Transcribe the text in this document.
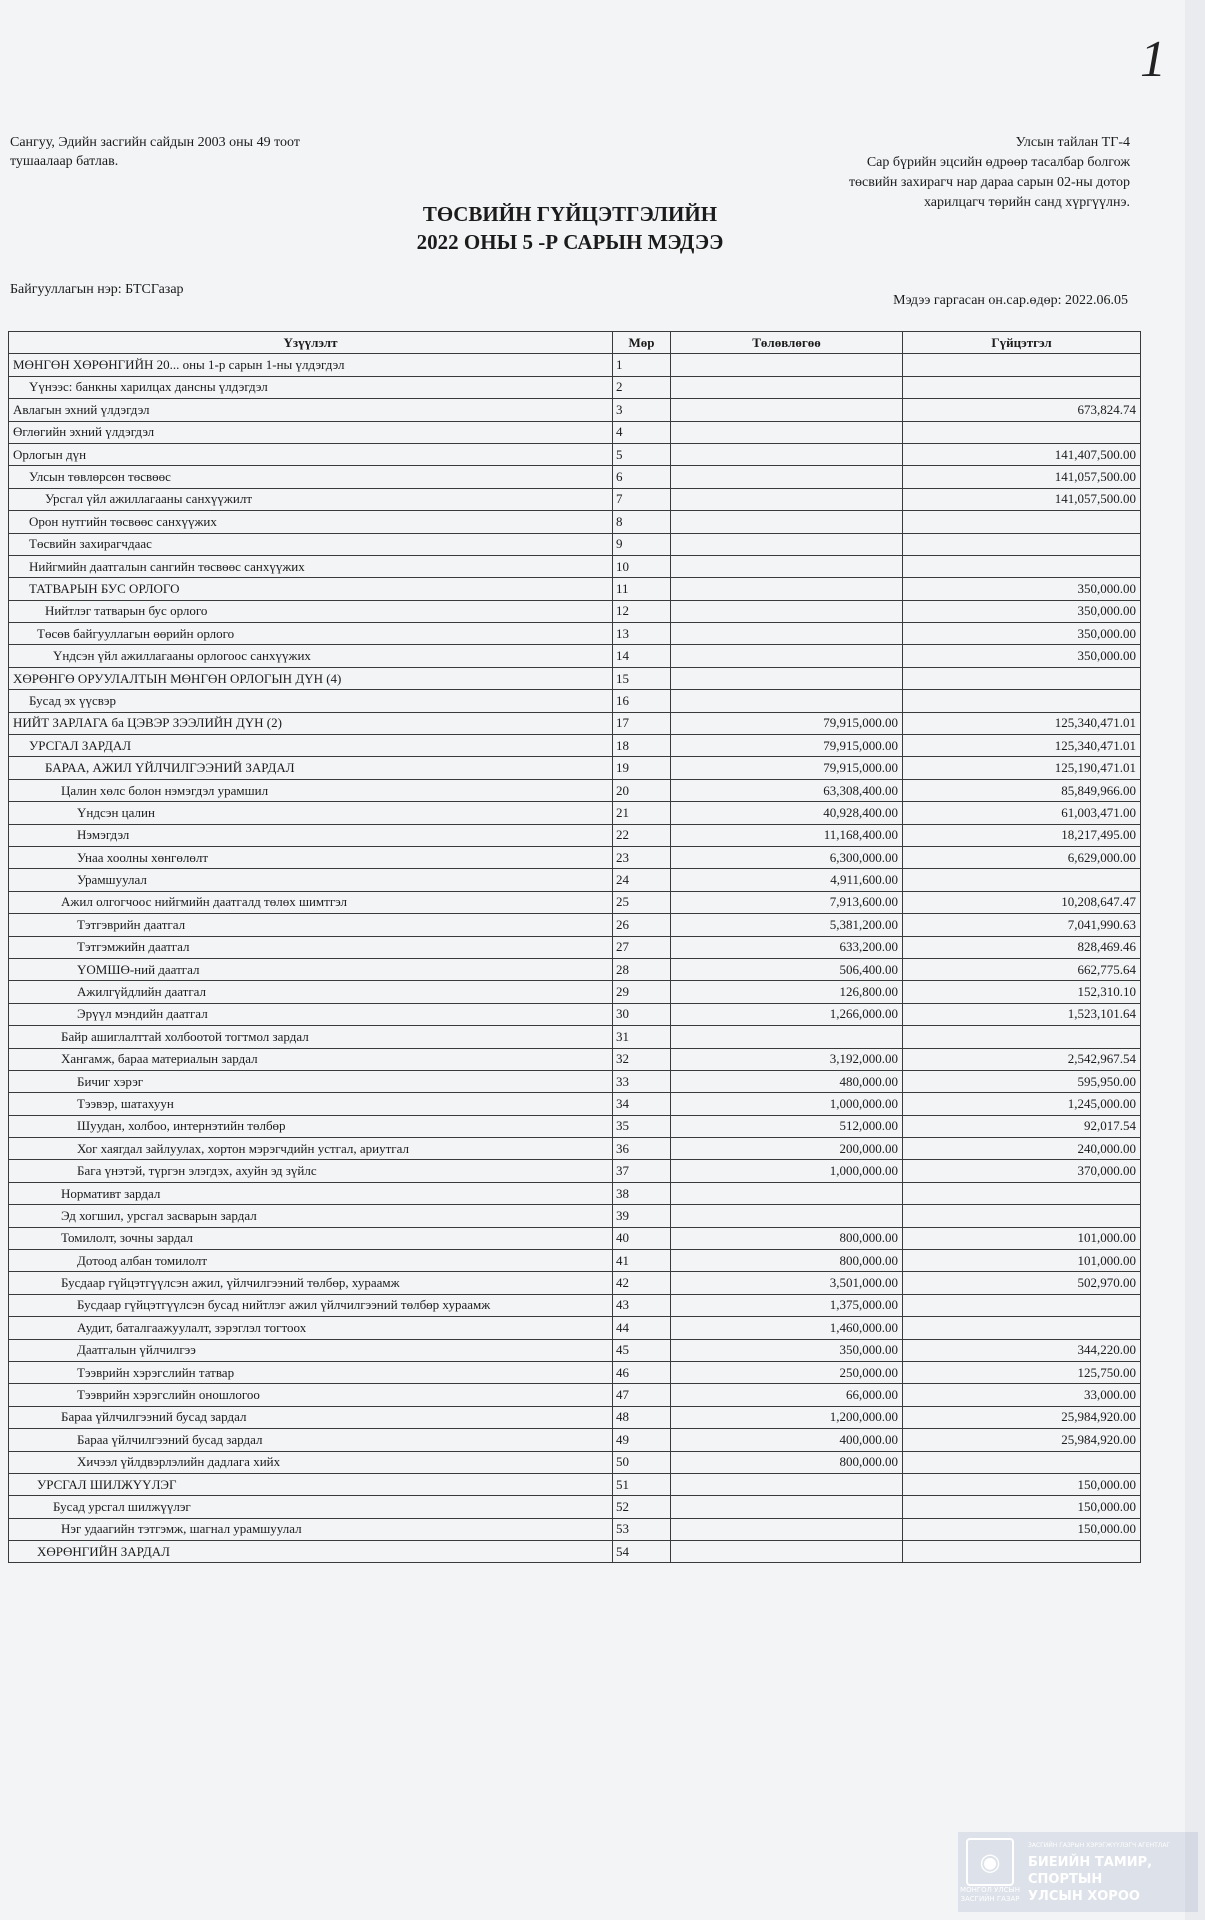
1
Сангуу, Эдийн засгийн сайдын 2003 оны 49 тоот
тушаалаар батлав.
Улсын тайлан ТГ-4
Сар бүрийн эцсийн өдрөөр тасалбар болгож
төсвийн захирагч нар дараа сарын 02-ны дотор
харилцагч төрийн санд хүргүүлнэ.
ТӨСВИЙН ГҮЙЦЭТГЭЛИЙН
2022 ОНЫ 5 -Р САРЫН МЭДЭЭ
Байгууллагын нэр: БТСГазар
Мэдээ гаргасан он.сар.өдөр: 2022.06.05
Үзүүлэлт	Мөр	Төлөвлөгөө	Гүйцэтгэл
МӨНГӨН ХӨРӨНГИЙН 20... оны 1-р сарын 1-ны үлдэгдэл	1		
Үүнээс: банкны харилцах дансны үлдэгдэл	2		
Авлагын эхний үлдэгдэл	3		673,824.74
Өглөгийн эхний үлдэгдэл	4		
Орлогын дүн	5		141,407,500.00
Улсын төвлөрсөн төсвөөс	6		141,057,500.00
Урсгал үйл ажиллагааны санхүүжилт	7		141,057,500.00
Орон нутгийн төсвөөс санхүүжих	8		
Төсвийн захирагчдаас	9		
Нийгмийн даатгалын сангийн төсвөөс санхүүжих	10		
ТАТВАРЫН БУС ОРЛОГО	11		350,000.00
Нийтлэг татварын бус орлого	12		350,000.00
Төсөв байгууллагын өөрийн орлого	13		350,000.00
Үндсэн үйл ажиллагааны орлогоос санхүүжих	14		350,000.00
ХӨРӨНГӨ ОРУУЛАЛТЫН МӨНГӨН ОРЛОГЫН ДҮН (4)	15		
Бусад эх үүсвэр	16		
НИЙТ ЗАРЛАГА ба ЦЭВЭР ЗЭЭЛИЙН ДҮН (2)	17	79,915,000.00	125,340,471.01
УРСГАЛ ЗАРДАЛ	18	79,915,000.00	125,340,471.01
БАРАА, АЖИЛ ҮЙЛЧИЛГЭЭНИЙ ЗАРДАЛ	19	79,915,000.00	125,190,471.01
Цалин хөлс болон нэмэгдэл урамшил	20	63,308,400.00	85,849,966.00
Үндсэн цалин	21	40,928,400.00	61,003,471.00
Нэмэгдэл	22	11,168,400.00	18,217,495.00
Унаа хоолны хөнгөлөлт	23	6,300,000.00	6,629,000.00
Урамшуулал	24	4,911,600.00	
Ажил олгогчоос нийгмийн даатгалд төлөх шимтгэл	25	7,913,600.00	10,208,647.47
Тэтгэврийн даатгал	26	5,381,200.00	7,041,990.63
Тэтгэмжийн даатгал	27	633,200.00	828,469.46
ҮОМШӨ-ний даатгал	28	506,400.00	662,775.64
Ажилгүйдлийн даатгал	29	126,800.00	152,310.10
Эрүүл мэндийн даатгал	30	1,266,000.00	1,523,101.64
Байр ашиглалттай холбоотой тогтмол зардал	31		
Хангамж, бараа материалын зардал	32	3,192,000.00	2,542,967.54
Бичиг хэрэг	33	480,000.00	595,950.00
Тээвэр, шатахуун	34	1,000,000.00	1,245,000.00
Шуудан, холбоо, интернэтийн төлбөр	35	512,000.00	92,017.54
Хог хаягдал зайлуулах, хортон мэрэгчдийн устгал, ариутгал	36	200,000.00	240,000.00
Бага үнэтэй, түргэн элэгдэх, ахуйн эд зүйлс	37	1,000,000.00	370,000.00
Нормативт зардал	38		
Эд хогшил, урсгал засварын зардал	39		
Томилолт, зочны зардал	40	800,000.00	101,000.00
Дотоод албан томилолт	41	800,000.00	101,000.00
Бусдаар гүйцэтгүүлсэн ажил, үйлчилгээний төлбөр, хураамж	42	3,501,000.00	502,970.00
Бусдаар гүйцэтгүүлсэн бусад нийтлэг ажил үйлчилгээний төлбөр хураамж	43	1,375,000.00	
Аудит, баталгаажуулалт, зэрэглэл тогтоох	44	1,460,000.00	
Даатгалын үйлчилгээ	45	350,000.00	344,220.00
Тээврийн хэрэгслийн татвар	46	250,000.00	125,750.00
Тээврийн хэрэгслийн оношлогоо	47	66,000.00	33,000.00
Бараа үйлчилгээний бусад зардал	48	1,200,000.00	25,984,920.00
Бараа үйлчилгээний бусад зардал	49	400,000.00	25,984,920.00
Хичээл үйлдвэрлэлийн дадлага хийх	50	800,000.00	
УРСГАЛ ШИЛЖҮҮЛЭГ	51		150,000.00
Бусад урсгал шилжүүлэг	52		150,000.00
Нэг удаагийн тэтгэмж, шагнал урамшуулал	53		150,000.00
ХӨРӨНГИЙН ЗАРДАЛ	54		
◉
МОНГОЛ УЛСЫН
ЗАСГИЙН ГАЗАР
ЗАСГИЙН ГАЗРЫН ХЭРЭГЖҮҮЛЭГЧ АГЕНТЛАГ
БИЕИЙН ТАМИР, СПОРТЫН
УЛСЫН ХОРОО
